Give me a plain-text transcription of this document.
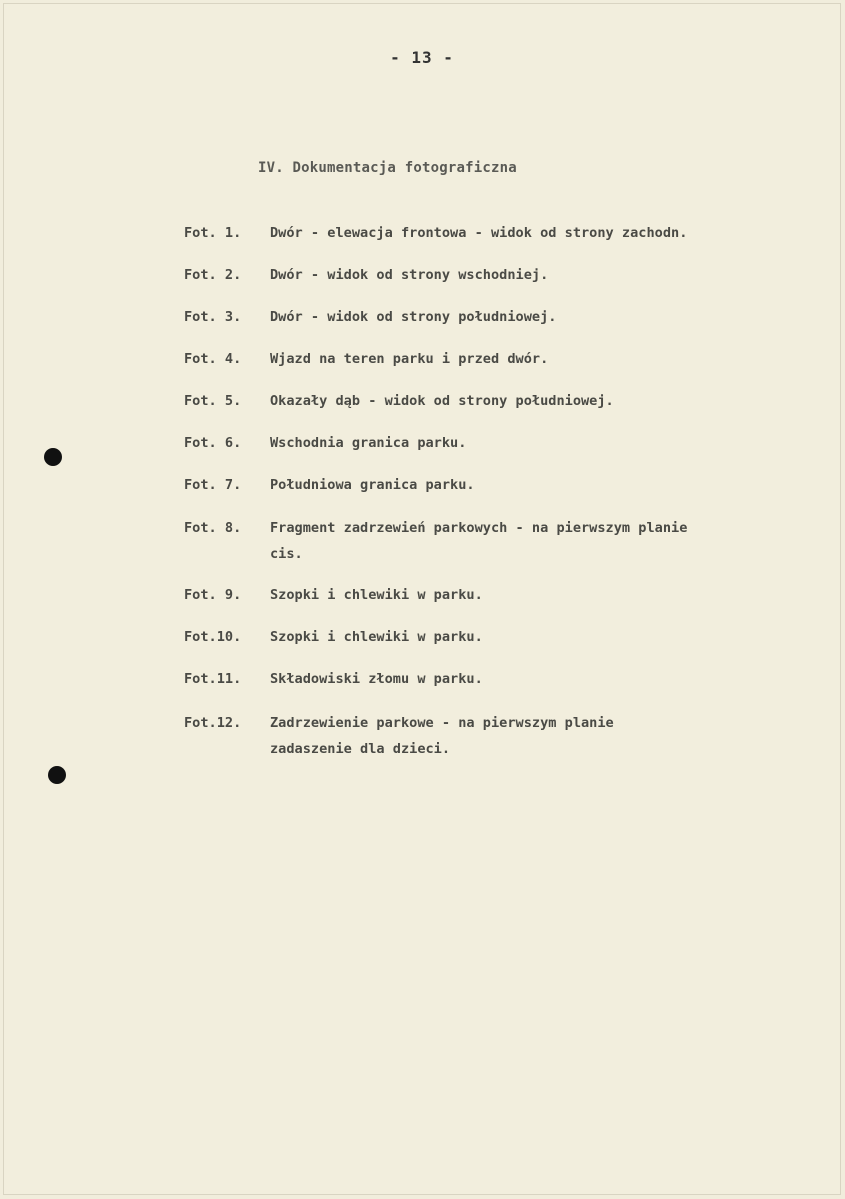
- 13 -
IV. Dokumentacja fotograficzna
Fot. 1.	Dwór - elewacja frontowa - widok od strony zachodn.
Fot. 2.	Dwór - widok od strony wschodniej.
Fot. 3.	Dwór - widok od strony południowej.
Fot. 4.	Wjazd na teren parku i przed dwór.
Fot. 5.	Okazały dąb - widok od strony południowej.
Fot. 6.	Wschodnia granica parku.
Fot. 7.	Południowa granica parku.
Fot. 8.	Fragment zadrzewień parkowych - na pierwszym planie
cis.
Fot. 9.	Szopki i chlewiki w parku.
Fot.10.	Szopki i chlewiki w parku.
Fot.11.	Składowiski złomu w parku.
Fot.12.	Zadrzewienie parkowe - na pierwszym planie
zadaszenie dla dzieci.
